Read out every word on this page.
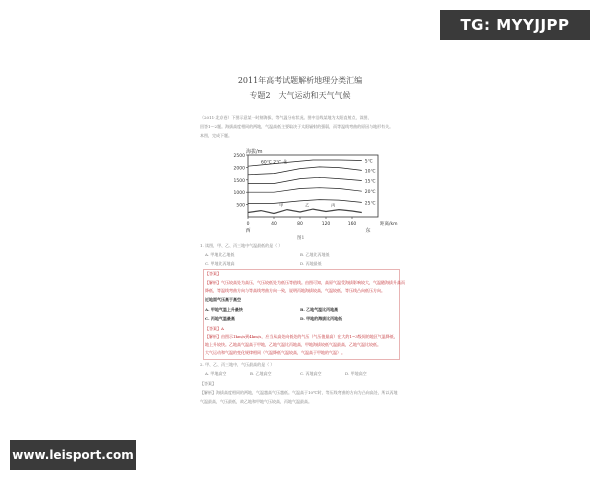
TG: MYYJJPP
www.leisport.com
2011年高考试题解析地理分类汇编
专题2　大气运动和天气气候
（2011·北京卷）下图示意某一时刻海拔、等气温分布状况。图中沿线某地为太阳直射点，读图，
回答1～2题。海拔高度相同的两地，气温高低主要取决于太阳辐射的强弱，而等温线弯曲的原因与地形有关。
本图，完成下题。
500
1000
1500
2000
2500
0	40	80	120	160
海拔/m
距离/km
西	东
5℃
10℃
15℃
20℃
25℃
60℃ 2℃ 北
甲	乙	丙
图1
1. 读图，甲、乙、丙三地中气温最低的是（ ）
A. 甲地比乙地低	B. 乙地比丙地低
C. 甲地比丙地高	D. 丙地最低
【答案】
【解析】气压较高处为高压，气压较低处为低压等值线。由图可知，高原气温受海拔影响较大，气温随海拔升高而
降低，等温线弯曲方向与等高线弯曲方向一致，说明丙地海拔较高，气温较低，等压线凸向低压方向。
近地面气压高于高空
A. 甲地气温上升最快	B. 乙地气温比丙地高
C. 丙地气温最高	D. 甲地的海拔比丙地低
【答案】A
【解析】由图示1km/s到4km/s，应当从高处向低处的气压（气压值最高）在大约1~3级间的地区气温降低，
地上升较快。乙地高气温高于甲地，乙地气温比丙地高，甲地海拔较低气温最高，乙地气温比较低。
大气运动和气温的变化规律相同（气温降低气温较高，气温高于甲地的气温）。
2. 甲、乙、丙三地中，气压最高的是（ ）
A. 甲地高空	B. 乙地高空	C. 丙地高空	D. 甲地高空
【答案】
【解析】海拔高度相同的两地，气温越高气压越低。气温高于10℃时，等压线弯曲的方向为凸向高处，所以丙地
气温最高，气压最低，故乙地和甲地气压较高，丙地气温最高。
